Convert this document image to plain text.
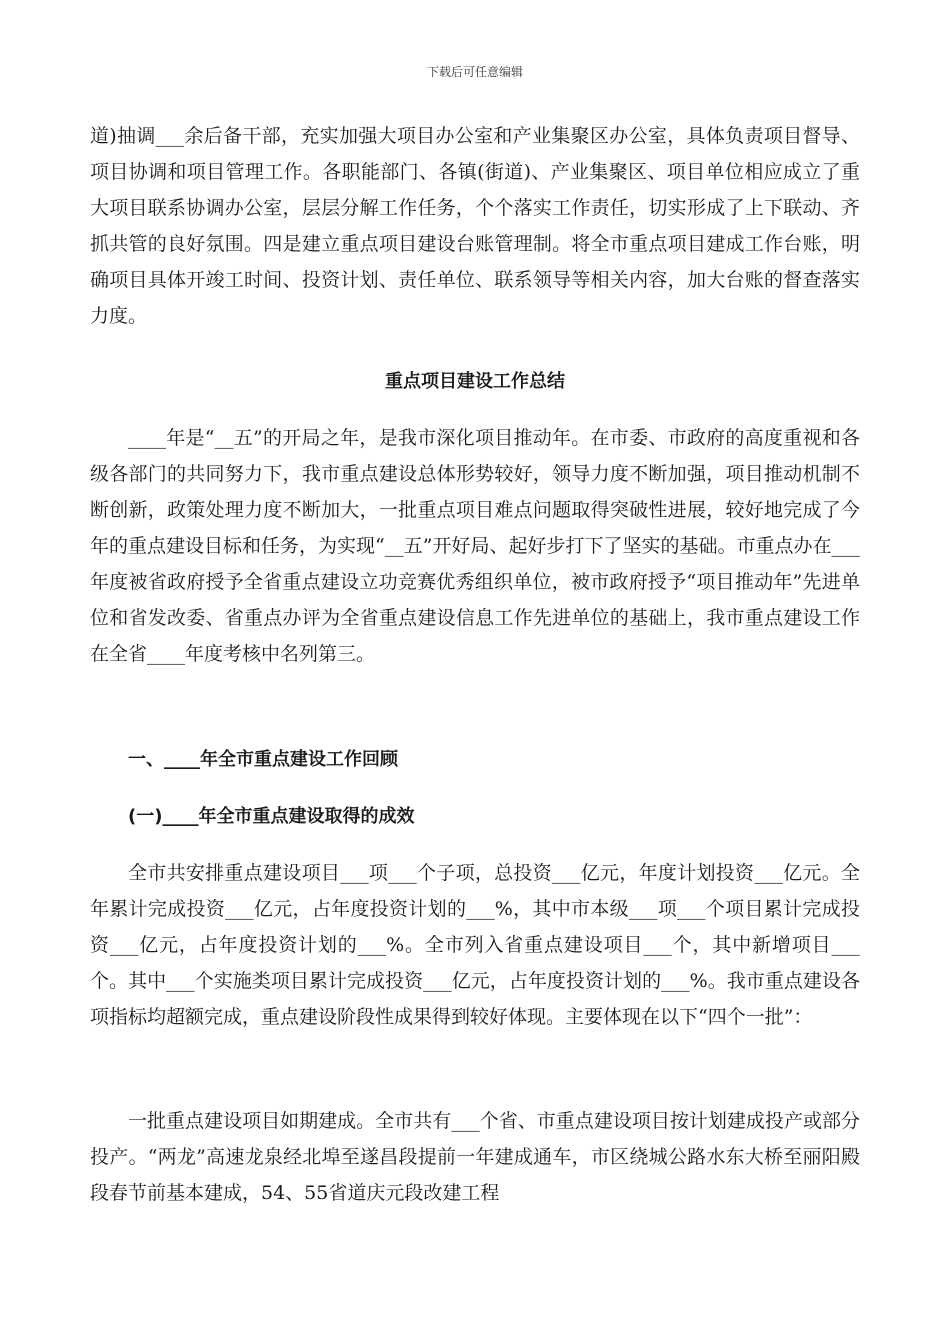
下载后可任意编辑

道)抽调___余后备干部，充实加强大项目办公室和产业集聚区办公室，具体负责项目督导、项目协调和项目管理工作。各职能部门、各镇(街道)、产业集聚区、项目单位相应成立了重大项目联系协调办公室，层层分解工作任务，个个落实工作责任，切实形成了上下联动、齐抓共管的良好氛围。四是建立重点项目建设台账管理制。将全市重点项目建成工作台账，明确项目具体开竣工时间、投资计划、责任单位、联系领导等相关内容，加大台账的督查落实力度。

重点项目建设工作总结

____年是“__五”的开局之年，是我市深化项目推动年。在市委、市政府的高度重视和各级各部门的共同努力下，我市重点建设总体形势较好，领导力度不断加强，项目推动机制不断创新，政策处理力度不断加大，一批重点项目难点问题取得突破性进展，较好地完成了今年的重点建设目标和任务，为实现“__五”开好局、起好步打下了坚实的基础。市重点办在___年度被省政府授予全省重点建设立功竞赛优秀组织单位，被市政府授予“项目推动年”先进单位和省发改委、省重点办评为全省重点建设信息工作先进单位的基础上，我市重点建设工作在全省____年度考核中名列第三。

一、____年全市重点建设工作回顾

(一)____年全市重点建设取得的成效

全市共安排重点建设项目___项___个子项，总投资___亿元，年度计划投资___亿元。全年累计完成投资___亿元，占年度投资计划的___%，其中市本级___项___个项目累计完成投资___亿元，占年度投资计划的___%。全市列入省重点建设项目___个，其中新增项目___个。其中___个实施类项目累计完成投资___亿元，占年度投资计划的___%。我市重点建设各项指标均超额完成，重点建设阶段性成果得到较好体现。主要体现在以下“四个一批”：

一批重点建设项目如期建成。全市共有___个省、市重点建设项目按计划建成投产或部分投产。“两龙”高速龙泉经北埠至遂昌段提前一年建成通车，市区绕城公路水东大桥至丽阳殿段春节前基本建成，54、55省道庆元段改建工程
